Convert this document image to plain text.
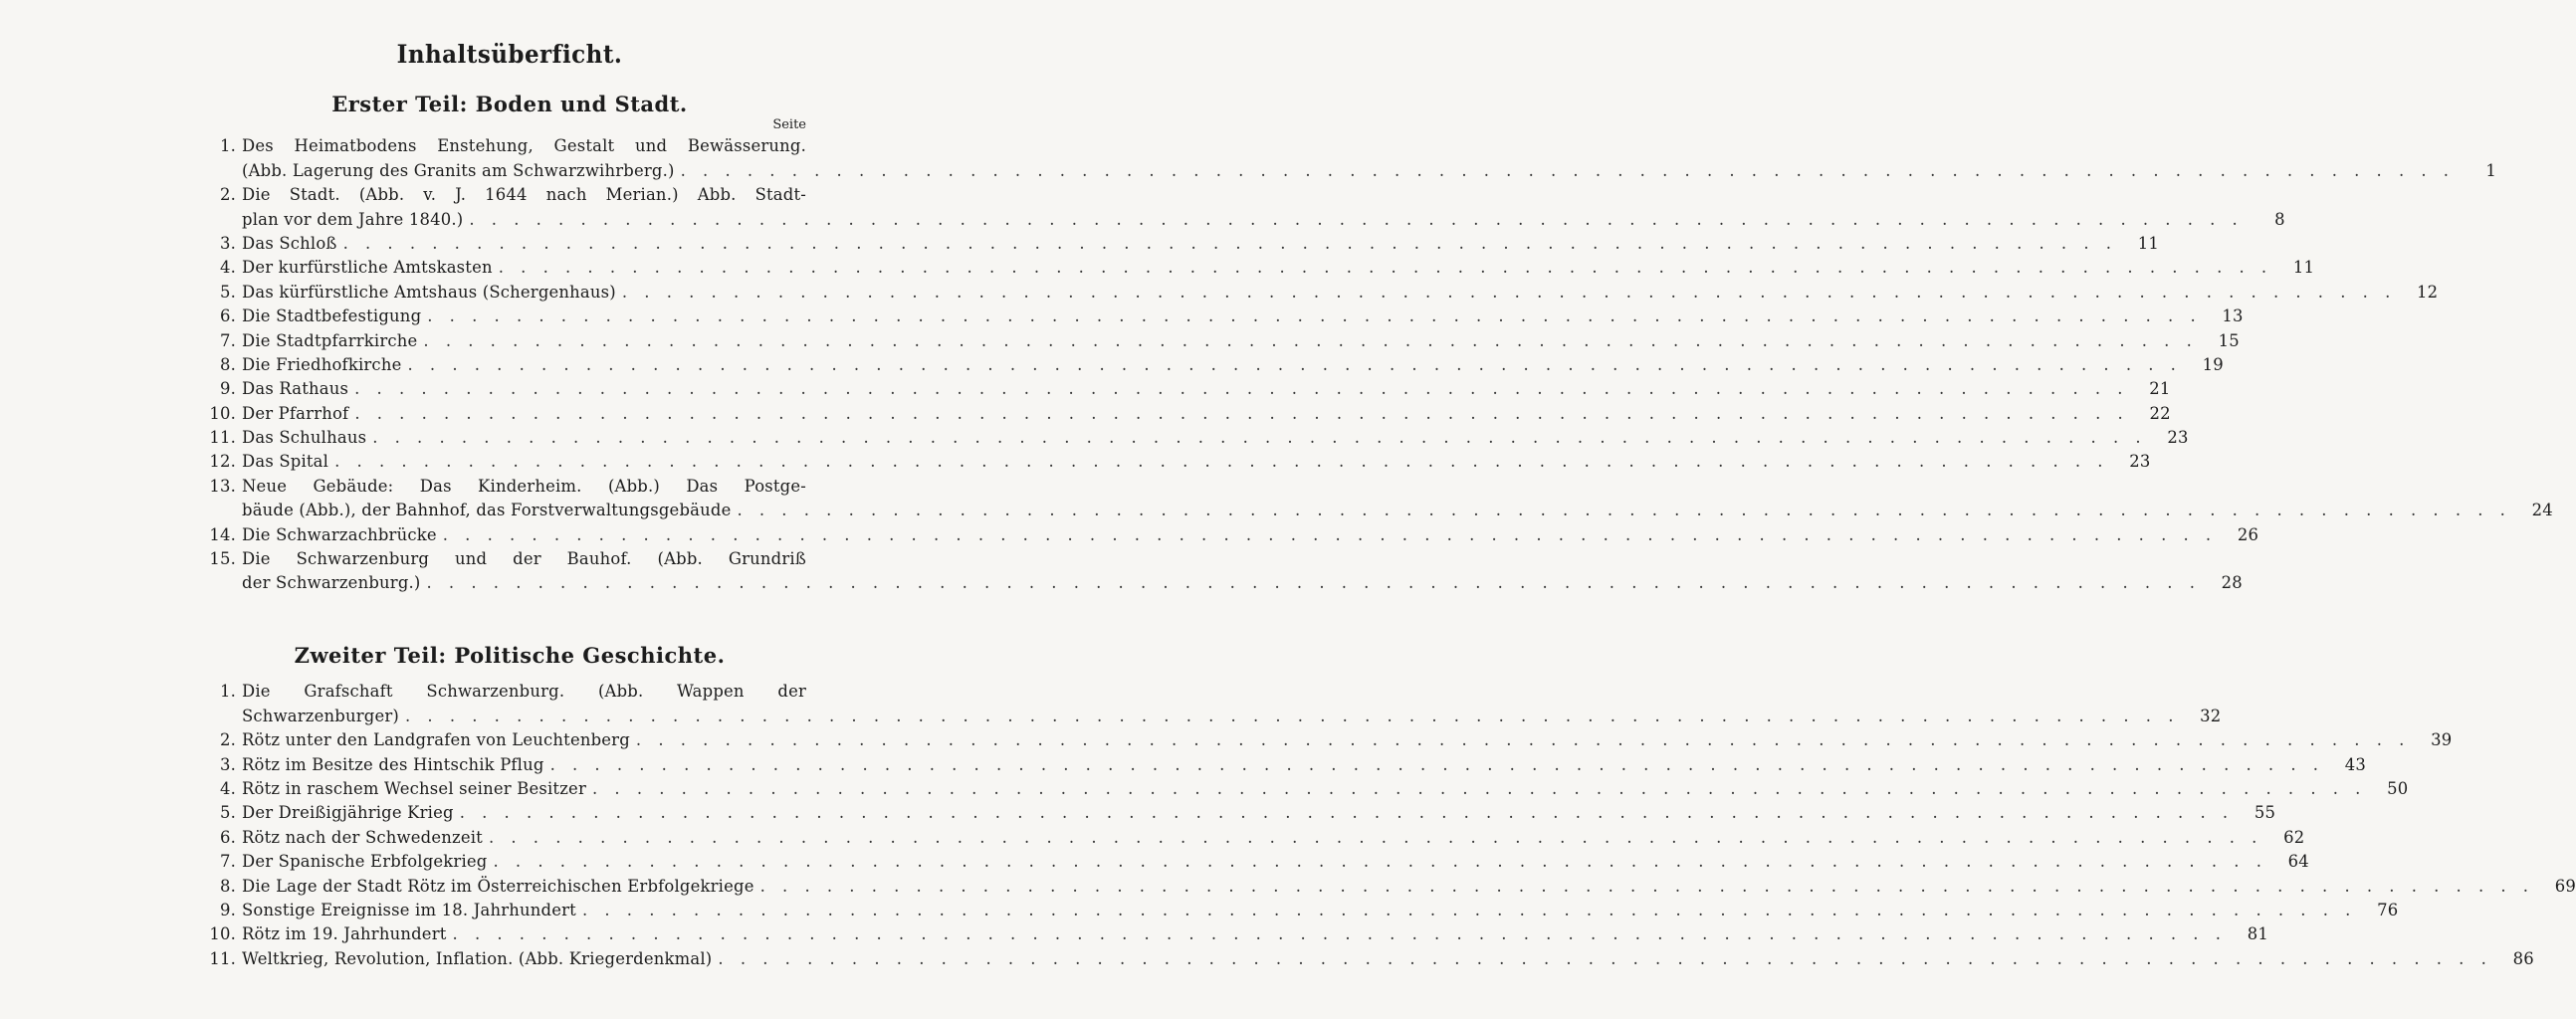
Inhaltsüberficht.
Erster Teil: Boden und Stadt.
Seite
1. Des Heimatbodens Enstehung, Gestalt und Bewässerung.
(Abb. Lagerung des Granits am Schwarzwihrberg.) . . . . . . . . . . . . . . . . . . . . . . . . . . . . . . . . . . . . . . . . . . . . . . . . . . . . . . . . . . . . . . . . . . . . . . . . . . . . . . . .	1
2. Die Stadt. (Abb. v. J. 1644 nach Merian.) Abb. Stadt-
plan vor dem Jahre 1840.) . . . . . . . . . . . . . . . . . . . . . . . . . . . . . . . . . . . . . . . . . . . . . . . . . . . . . . . . . . . . . . . . . . . . . . . . . . . . . . . .	8
3. Das Schloß . . . . . . . . . . . . . . . . . . . . . . . . . . . . . . . . . . . . . . . . . . . . . . . . . . . . . . . . . . . . . . . . . . . . . . . . . . . . . . . .	11
4. Der kurfürstliche Amtskasten . . . . . . . . . . . . . . . . . . . . . . . . . . . . . . . . . . . . . . . . . . . . . . . . . . . . . . . . . . . . . . . . . . . . . . . . . . . . . . . .	11
5. Das kürfürstliche Amtshaus (Schergenhaus) . . . . . . . . . . . . . . . . . . . . . . . . . . . . . . . . . . . . . . . . . . . . . . . . . . . . . . . . . . . . . . . . . . . . . . . . . . . . . . . .	12
6. Die Stadtbefestigung . . . . . . . . . . . . . . . . . . . . . . . . . . . . . . . . . . . . . . . . . . . . . . . . . . . . . . . . . . . . . . . . . . . . . . . . . . . . . . . .	13
7. Die Stadtpfarrkirche . . . . . . . . . . . . . . . . . . . . . . . . . . . . . . . . . . . . . . . . . . . . . . . . . . . . . . . . . . . . . . . . . . . . . . . . . . . . . . . .	15
8. Die Friedhofkirche . . . . . . . . . . . . . . . . . . . . . . . . . . . . . . . . . . . . . . . . . . . . . . . . . . . . . . . . . . . . . . . . . . . . . . . . . . . . . . . .	19
9. Das Rathaus . . . . . . . . . . . . . . . . . . . . . . . . . . . . . . . . . . . . . . . . . . . . . . . . . . . . . . . . . . . . . . . . . . . . . . . . . . . . . . . .	21
10. Der Pfarrhof . . . . . . . . . . . . . . . . . . . . . . . . . . . . . . . . . . . . . . . . . . . . . . . . . . . . . . . . . . . . . . . . . . . . . . . . . . . . . . . .	22
11. Das Schulhaus . . . . . . . . . . . . . . . . . . . . . . . . . . . . . . . . . . . . . . . . . . . . . . . . . . . . . . . . . . . . . . . . . . . . . . . . . . . . . . . .	23
12. Das Spital . . . . . . . . . . . . . . . . . . . . . . . . . . . . . . . . . . . . . . . . . . . . . . . . . . . . . . . . . . . . . . . . . . . . . . . . . . . . . . . .	23
13. Neue Gebäude: Das Kinderheim. (Abb.) Das Postge-
bäude (Abb.), der Bahnhof, das Forstverwaltungsgebäude . . . . . . . . . . . . . . . . . . . . . . . . . . . . . . . . . . . . . . . . . . . . . . . . . . . . . . . . . . . . . . . . . . . . . . . . . . . . . . . .	24
14. Die Schwarzachbrücke . . . . . . . . . . . . . . . . . . . . . . . . . . . . . . . . . . . . . . . . . . . . . . . . . . . . . . . . . . . . . . . . . . . . . . . . . . . . . . . .	26
15. Die Schwarzenburg und der Bauhof. (Abb. Grundriß
der Schwarzenburg.) . . . . . . . . . . . . . . . . . . . . . . . . . . . . . . . . . . . . . . . . . . . . . . . . . . . . . . . . . . . . . . . . . . . . . . . . . . . . . . . .	28
Zweiter Teil: Politische Geschichte.
1. Die Grafschaft Schwarzenburg. (Abb. Wappen der
Schwarzenburger) . . . . . . . . . . . . . . . . . . . . . . . . . . . . . . . . . . . . . . . . . . . . . . . . . . . . . . . . . . . . . . . . . . . . . . . . . . . . . . . .	32
2. Rötz unter den Landgrafen von Leuchtenberg . . . . . . . . . . . . . . . . . . . . . . . . . . . . . . . . . . . . . . . . . . . . . . . . . . . . . . . . . . . . . . . . . . . . . . . . . . . . . . . .	39
3. Rötz im Besitze des Hintschik Pflug . . . . . . . . . . . . . . . . . . . . . . . . . . . . . . . . . . . . . . . . . . . . . . . . . . . . . . . . . . . . . . . . . . . . . . . . . . . . . . . .	43
4. Rötz in raschem Wechsel seiner Besitzer . . . . . . . . . . . . . . . . . . . . . . . . . . . . . . . . . . . . . . . . . . . . . . . . . . . . . . . . . . . . . . . . . . . . . . . . . . . . . . . .	50
5. Der Dreißigjährige Krieg . . . . . . . . . . . . . . . . . . . . . . . . . . . . . . . . . . . . . . . . . . . . . . . . . . . . . . . . . . . . . . . . . . . . . . . . . . . . . . . .	55
6. Rötz nach der Schwedenzeit . . . . . . . . . . . . . . . . . . . . . . . . . . . . . . . . . . . . . . . . . . . . . . . . . . . . . . . . . . . . . . . . . . . . . . . . . . . . . . . .	62
7. Der Spanische Erbfolgekrieg . . . . . . . . . . . . . . . . . . . . . . . . . . . . . . . . . . . . . . . . . . . . . . . . . . . . . . . . . . . . . . . . . . . . . . . . . . . . . . . .	64
8. Die Lage der Stadt Rötz im Österreichischen Erbfolgekriege . . . . . . . . . . . . . . . . . . . . . . . . . . . . . . . . . . . . . . . . . . . . . . . . . . . . . . . . . . . . . . . . . . . . . . . . . . . . . . . .	69
9. Sonstige Ereignisse im 18. Jahrhundert . . . . . . . . . . . . . . . . . . . . . . . . . . . . . . . . . . . . . . . . . . . . . . . . . . . . . . . . . . . . . . . . . . . . . . . . . . . . . . . .	76
10. Rötz im 19. Jahrhundert . . . . . . . . . . . . . . . . . . . . . . . . . . . . . . . . . . . . . . . . . . . . . . . . . . . . . . . . . . . . . . . . . . . . . . . . . . . . . . . .	81
11. Weltkrieg, Revolution, Inflation. (Abb. Kriegerdenkmal) . . . . . . . . . . . . . . . . . . . . . . . . . . . . . . . . . . . . . . . . . . . . . . . . . . . . . . . . . . . . . . . . . . . . . . . . . . . . . . . .	86
